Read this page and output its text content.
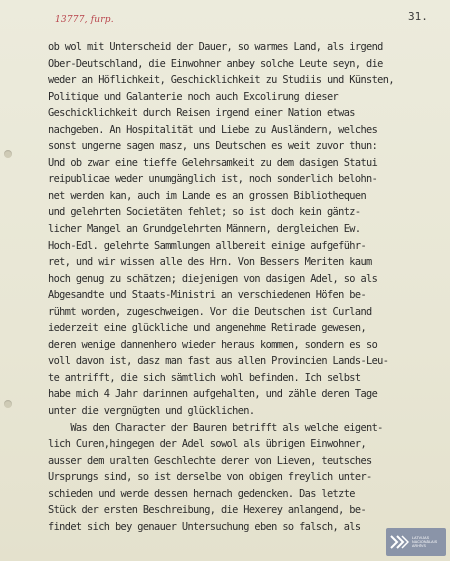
13777, furp.	31.
ob wol mit Unterscheid der Dauer, so warmes Land, als irgend
Ober-Deutschland, die Einwohner anbey solche Leute seyn, die
weder an Höflichkeit, Geschicklichkeit zu Studiis und Künsten,
Politique und Galanterie noch auch Excolirung dieser
Geschicklichkeit durch Reisen irgend einer Nation etwas
nachgeben. An Hospitalität und Liebe zu Ausländern, welches
sonst ungerne sagen masz, uns Deutschen es weit zuvor thun:
Und ob zwar eine tieffe Gelehrsamkeit zu dem dasigen Statui
reipublicae weder unumgänglich ist, noch sonderlich belohn-
net werden kan, auch im Lande es an grossen Bibliothequen
und gelehrten Societäten fehlet; so ist doch kein gäntz-
licher Mangel an Grundgelehrten Männern, dergleichen Ew.
Hoch-Edl. gelehrte Sammlungen allbereit einige aufgeführ-
ret, und wir wissen alle des Hrn. Von Bessers Meriten kaum
hoch genug zu schätzen; diejenigen von dasigen Adel, so als
Abgesandte und Staats-Ministri an verschiedenen Höfen be-
rühmt worden, zugeschweigen. Vor die Deutschen ist Curland
iederzeit eine glückliche und angenehme Retirade gewesen,
deren wenige dannenhero wieder heraus kommen, sondern es so
voll davon ist, dasz man fast aus allen Provincien Lands-Leu-
te antrifft, die sich sämtlich wohl befinden. Ich selbst
habe mich 4 Jahr darinnen aufgehalten, und zähle deren Tage
unter die vergnügten und glücklichen.
Was den Character der Bauren betrifft als welche eigent-
lich Curen,hingegen der Adel sowol als übrigen Einwohner,
ausser dem uralten Geschlechte derer von Lieven, teutsches
Ursprungs sind, so ist derselbe von obigen freylich unter-
schieden und werde dessen hernach gedencken. Das letzte
Stück der ersten Beschreibung, die Hexerey anlangend, be-
findet sich bey genauer Untersuchung eben so falsch, als
LATVIJAS
NACIONĀLAIS
ARHĪVS
